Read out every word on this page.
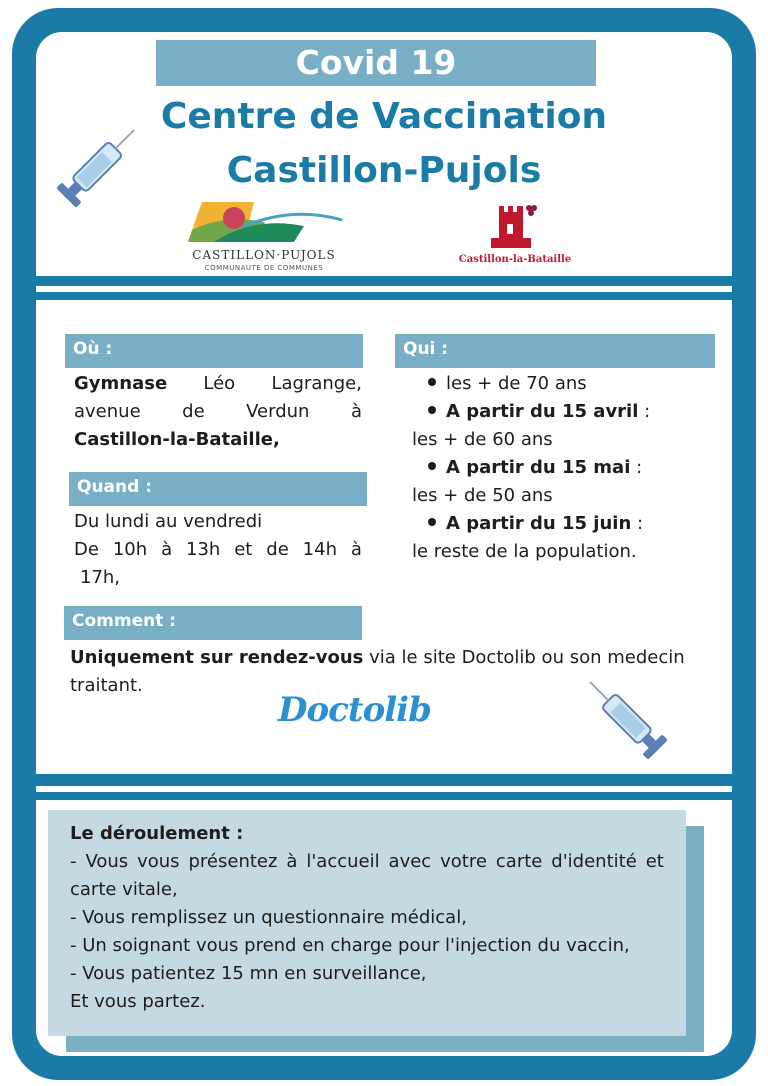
Covid 19
Centre de Vaccination
Castillon-Pujols
CASTILLON·PUJOLS
COMMUNAUTE DE COMMUNES
Castillon-la-Bataille
Où :
Gymnase Léo Lagrange,
avenue de Verdun à
Castillon-la-Bataille,
Quand :
Du lundi au vendredi
De 10h à 13h et de 14h à
17h,
Qui :
les + de 70 ans
A partir du 15 avril :
les + de 60 ans
A partir du 15 mai :
les + de 50 ans
A partir du 15 juin :
le reste de la population.
Comment :
Uniquement sur rendez-vous via le site Doctolib ou son medecin
traitant.
Doctolib
Le déroulement :
- Vous vous présentez à l'accueil avec votre carte d'identité et
carte vitale,
- Vous remplissez un questionnaire médical,
- Un soignant vous prend en charge pour l'injection du vaccin,
- Vous patientez 15 mn en surveillance,
Et vous partez.
